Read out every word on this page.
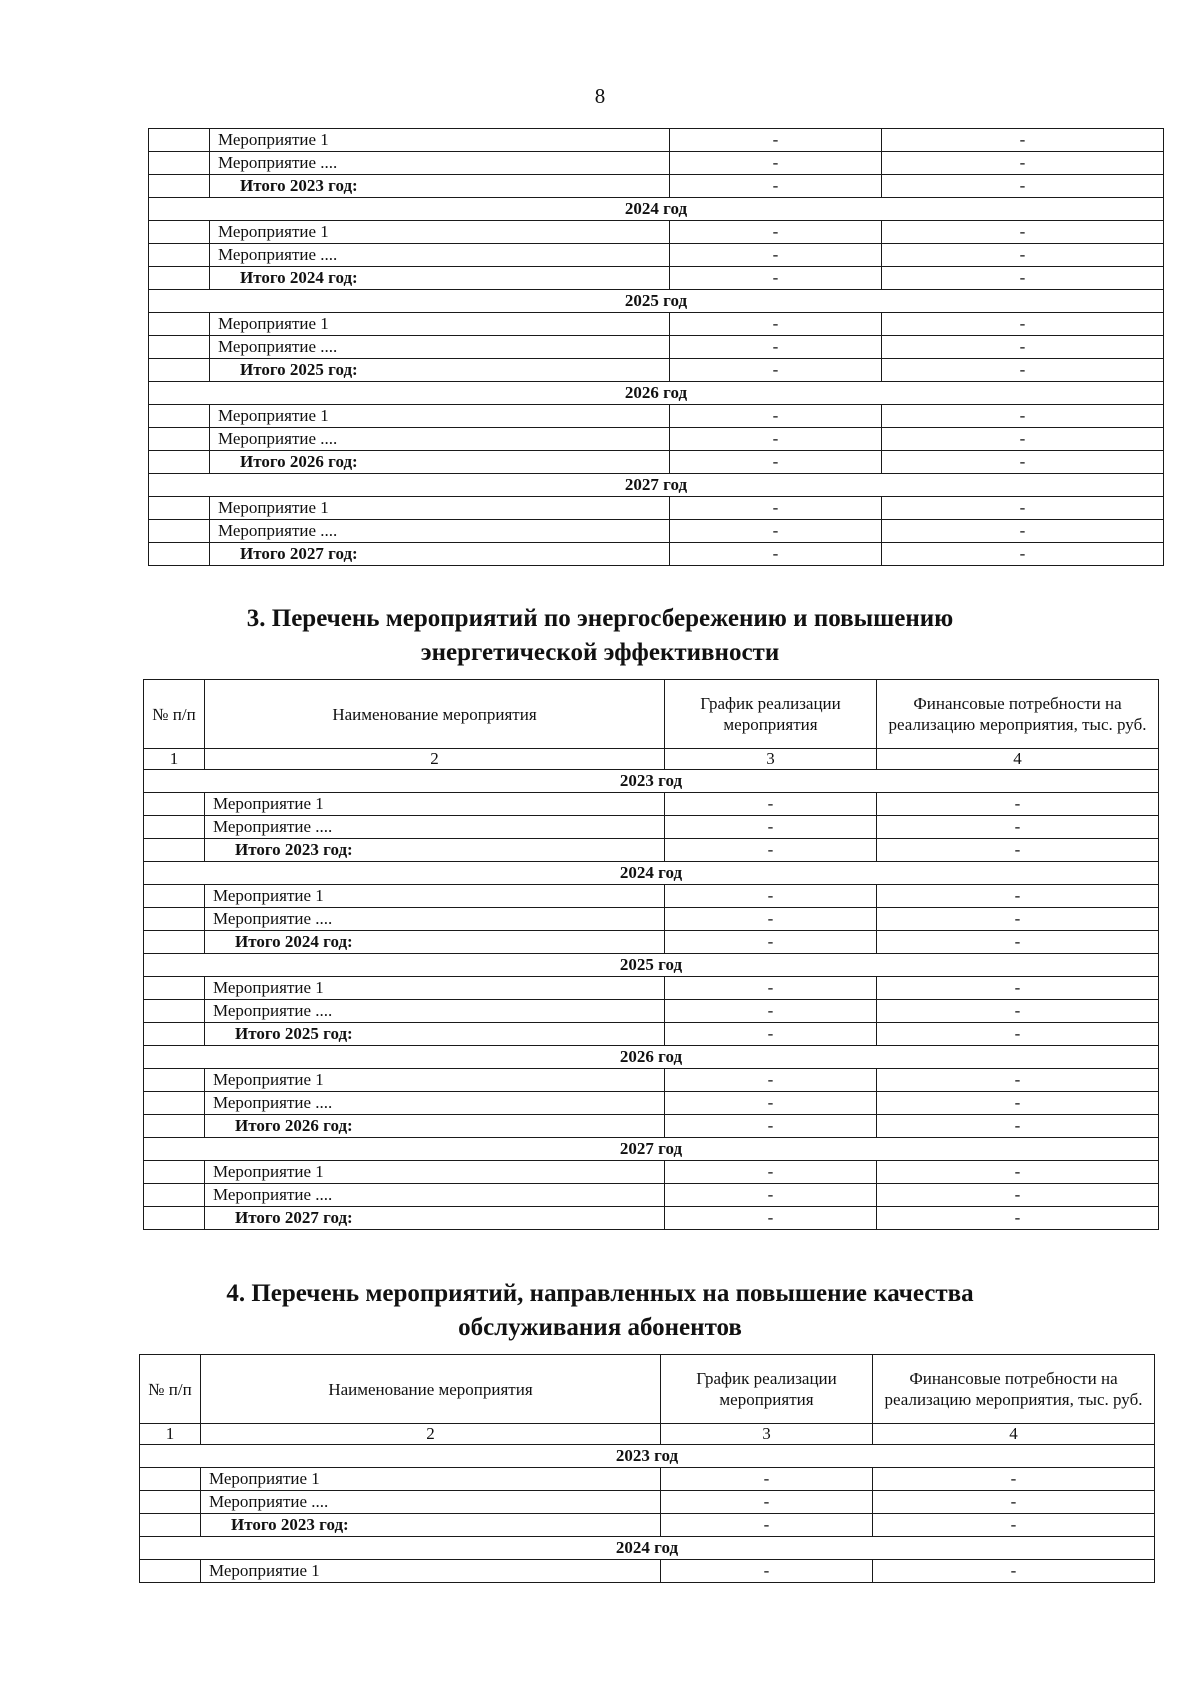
8
	Мероприятие 1	-	-
	Мероприятие ....	-	-
	Итого 2023 год:	-	-
2024 год			
	Мероприятие 1	-	-
	Мероприятие ....	-	-
	Итого 2024 год:	-	-
2025 год			
	Мероприятие 1	-	-
	Мероприятие ....	-	-
	Итого 2025 год:	-	-
2026 год			
	Мероприятие 1	-	-
	Мероприятие ....	-	-
	Итого 2026 год:	-	-
2027 год			
	Мероприятие 1	-	-
	Мероприятие ....	-	-
	Итого 2027 год:	-	-
3. Перечень мероприятий по энергосбережению и повышению
энергетической эффективности
№ п/п	Наименование мероприятия	График реализации мероприятия	Финансовые потребности на реализацию мероприятия, тыс. руб.
1	2	3	4
2023 год			
	Мероприятие 1	-	-
	Мероприятие ....	-	-
	Итого 2023 год:	-	-
2024 год			
	Мероприятие 1	-	-
	Мероприятие ....	-	-
	Итого 2024 год:	-	-
2025 год			
	Мероприятие 1	-	-
	Мероприятие ....	-	-
	Итого 2025 год:	-	-
2026 год			
	Мероприятие 1	-	-
	Мероприятие ....	-	-
	Итого 2026 год:	-	-
2027 год			
	Мероприятие 1	-	-
	Мероприятие ....	-	-
	Итого 2027 год:	-	-
4. Перечень мероприятий, направленных на повышение качества
обслуживания абонентов
№ п/п	Наименование мероприятия	График реализации мероприятия	Финансовые потребности на реализацию мероприятия, тыс. руб.
1	2	3	4
2023 год			
	Мероприятие 1	-	-
	Мероприятие ....	-	-
	Итого 2023 год:	-	-
2024 год			
	Мероприятие 1	-	-
